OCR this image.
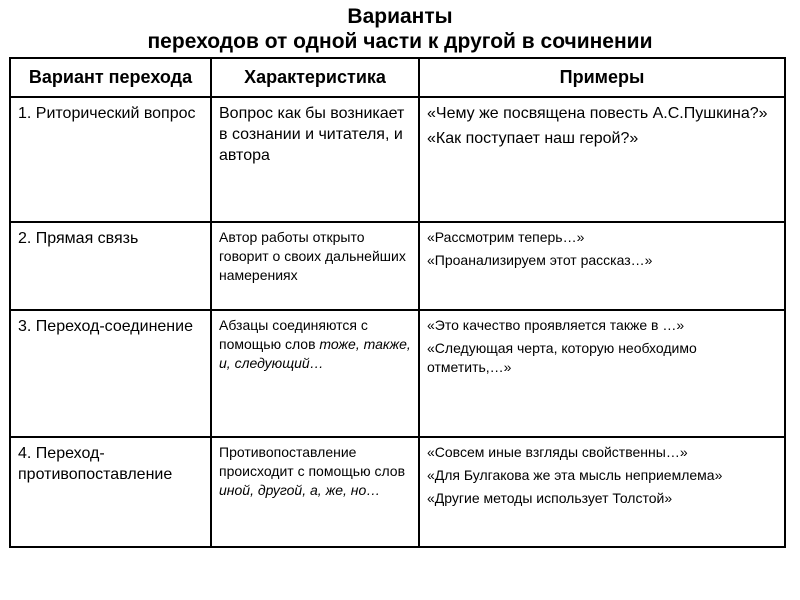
Варианты
переходов от одной части к другой в сочинении
Вариант перехода	Характеристика	Примеры

1. Риторический вопрос	Вопрос как бы возникает в сознании и читателя, и автора	«Чему же посвящена повесть А.С.Пушкина?»
«Как поступает наш герой?»

2. Прямая связь	Автор работы открыто говорит о своих дальнейших намерениях	«Рассмотрим теперь…»
«Проанализируем этот рассказ…»

3. Переход-соединение	Абзацы соединяются с помощью слов тоже, также, и, следующий…	«Это качество проявляется также в …»
«Следующая черта, которую необходимо отметить,…»

4. Переход-противопоставление	Противопоставление происходит с помощью слов иной, другой, а, же, но…	«Совсем иные взгляды свойственны…»
«Для Булгакова же эта мысль неприемлема»
«Другие методы использует Толстой»
